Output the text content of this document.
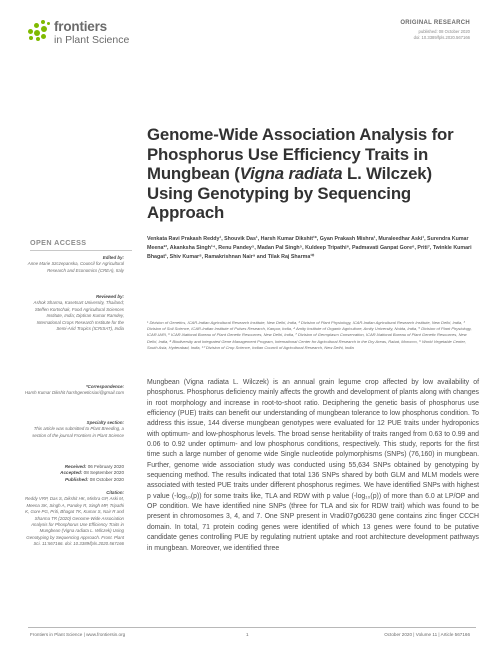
frontiers
in Plant Science
ORIGINAL RESEARCH
published: 08 October 2020
doi: 10.3389/fpls.2020.567166
Genome-Wide Association Analysis for Phosphorus Use Efficiency Traits in Mungbean (Vigna radiata L. Wilczek) Using Genotyping by Sequencing Approach
Venkata Ravi Prakash Reddy¹, Shouvik Das¹, Harsh Kumar Dikshit¹*, Gyan Prakash Mishra¹, Muraleedhar Aski¹, Surendra Kumar Meena²³, Akanksha Singh¹⁴, Renu Pandey⁵, Madan Pal Singh⁵, Kuldeep Tripathi⁶, Padmavati Ganpat Gore⁶, Priti⁷, Twinkle Kumari Bhagat¹, Shiv Kumar⁸, Ramakrishnan Nair⁹ and Tilak Raj Sharma¹⁰
¹ Division of Genetics, ICAR-Indian Agricultural Research Institute, New Delhi, India, ² Division of Plant Physiology, ICAR-Indian Agricultural Research Institute, New Delhi, India, ³ Division of Soil Science, ICAR-Indian Institute of Pulses Research, Kanpur, India, ⁴ Amity Institute of Organic Agriculture, Amity University, Noida, India, ⁵ Division of Plant Physiology, ICAR-IARI, ⁶ ICAR-National Bureau of Plant Genetic Resources, New Delhi, India, ⁷ Division of Germplasm Conservation, ICAR-National Bureau of Plant Genetic Resources, New Delhi, India, ⁸ Biodiversity and Integrated Gene Management Program, International Center for Agricultural Research in the Dry Areas, Rabat, Morocco, ⁹ World Vegetable Center, South Asia, Hyderabad, India, ¹⁰ Division of Crop Science, Indian Council of Agricultural Research, New Delhi, India
OPEN ACCESS
Edited by:
Anne Marie Szczepanska, Council for Agricultural Research and Economics (CREA), Italy
Reviewed by:
Ashok Sharma, Kasetsart University, Thailand; Steffen Kortschak, Food Agricultural Sciences Institute, India; Diptiran Kumar Ramdey, International Crops Research Institute for the Semi-Arid Tropics (ICRISAT), India
*Correspondence:
Harsh Kumar Dikshit harshgeneticsiari@gmail.com
Specialty section:
This article was submitted to Plant Breeding, a section of the journal Frontiers in Plant Science
Received: 06 February 2020
Accepted: 08 September 2020
Published: 08 October 2020
Citation:
Reddy VRP, Das S, Dikshit HK, Mishra GP, Aski M, Meena SK, Singh A, Pandey R, Singh MP, Tripathi K, Gore PG, Priti, Bhagat TK, Kumar S, Nair R and Sharma TR (2020) Genome-Wide Association Analysis for Phosphorus Use Efficiency Traits in Mungbean (Vigna radiata L. Wilczek) Using Genotyping by Sequencing Approach. Front. Plant Sci. 11:567166. doi: 10.3389/fpls.2020.567166

Mungbean (Vigna radiata L. Wilczek) is an annual grain legume crop affected by low availability of phosphorus. Phosphorus deficiency mainly affects the growth and development of plants along with changes in root morphology and increase in root-to-shoot ratio. Deciphering the genetic basis of phosphorus use efficiency (PUE) traits can benefit our understanding of mungbean tolerance to low phosphorus condition. To address this issue, 144 diverse mungbean genotypes were evaluated for 12 PUE traits under hydroponics with optimum- and low-phosphorus levels. The broad sense heritability of traits ranged from 0.63 to 0.99 and 0.06 to 0.92 under optimum- and low phosphorus conditions, respectively. This study, reports for the first time such a large number of genome wide Single nucleotide polymorphisms (SNPs) (76,160) in mungbean. Further, genome wide association study was conducted using 55,634 SNPs obtained by genotyping by sequencing method. The results indicated that total 136 SNPs shared by both GLM and MLM models were associated with tested PUE traits under different phosphorus regimes. We have identified SNPs with highest p value (-log₁₀(p)) for some traits like, TLA and RDW with p value (-log₁₀(p)) of more than 6.0 at LP/OP and OP condition. We have identified nine SNPs (three for TLA and six for RDW trait) which was found to be present in chromosomes 3, 4, and 7. One SNP present in Vradi07g06230 gene contains zinc finger CCCH domain. In total, 71 protein coding genes were identified of which 13 genes were found to be putative candidate genes controlling PUE by regulating nutrient uptake and root architecture development pathways in mungbean. Moreover, we identified three

Frontiers in Plant Science | www.frontiersin.org	1	October 2020 | Volume 11 | Article 567166
